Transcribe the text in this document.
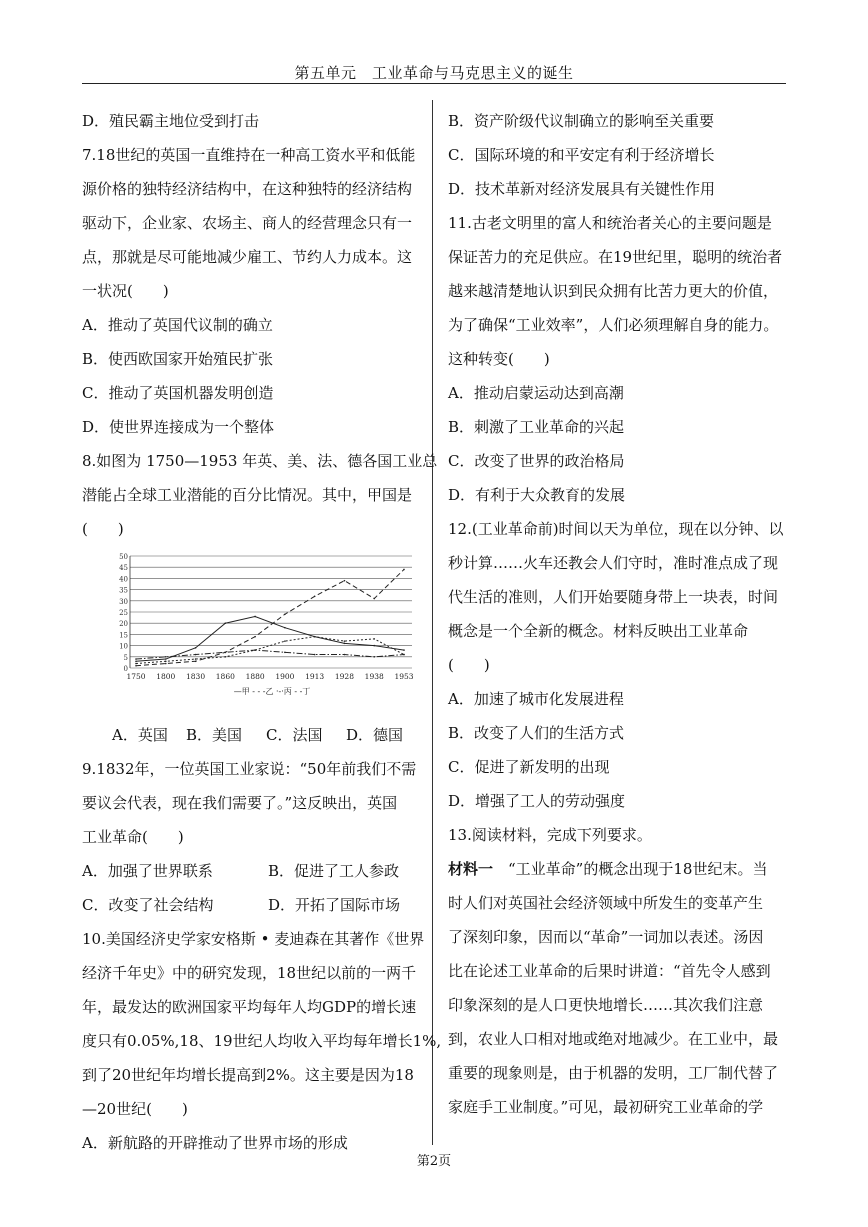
第五单元　工业革命与马克思主义的诞生
D．殖民霸主地位受到打击
7.18世纪的英国一直维持在一种高工资水平和低能
源价格的独特经济结构中，在这种独特的经济结构
驱动下，企业家、农场主、商人的经营理念只有一
点，那就是尽可能地减少雇工、节约人力成本。这
一状况(　　)
A．推动了英国代议制的确立
B．使西欧国家开始殖民扩张
C．推动了英国机器发明创造
D．使世界连接成为一个整体
8.如图为 1750—1953 年英、美、法、德各国工业总
潜能占全球工业潜能的百分比情况。其中，甲国是
(　　)
0
5
10
15
20
25
30
35
40
45
50
1750 1800 1830 1860 1880 1900 1913 1928 1938 1953
—甲 - - -乙 ·-·丙 - -丁
A．英国	B．美国	C．法国	D．德国
9.1832年，一位英国工业家说：“50年前我们不需
要议会代表，现在我们需要了。”这反映出，英国
工业革命(　　)
A．加强了世界联系	B．促进了工人参政
C．改变了社会结构	D．开拓了国际市场
10.美国经济史学家安格斯 • 麦迪森在其著作《世界
经济千年史》中的研究发现，18世纪以前的一两千
年，最发达的欧洲国家平均每年人均GDP的增长速
度只有0.05%,18、19世纪人均收入平均每年增长1%,
到了20世纪年均增长提高到2%。这主要是因为18
—20世纪(　　)
A．新航路的开辟推动了世界市场的形成
B．资产阶级代议制确立的影响至关重要
C．国际环境的和平安定有利于经济增长
D．技术革新对经济发展具有关键性作用
11.古老文明里的富人和统治者关心的主要问题是
保证苦力的充足供应。在19世纪里，聪明的统治者
越来越清楚地认识到民众拥有比苦力更大的价值，
为了确保“工业效率”，人们必须理解自身的能力。
这种转变(　　)
A．推动启蒙运动达到高潮
B．刺激了工业革命的兴起
C．改变了世界的政治格局
D．有利于大众教育的发展
12.(工业革命前)时间以天为单位，现在以分钟、以
秒计算……火车还教会人们守时，准时准点成了现
代生活的准则，人们开始要随身带上一块表，时间
概念是一个全新的概念。材料反映出工业革命
(　　)
A．加速了城市化发展进程
B．改变了人们的生活方式
C．促进了新发明的出现
D．增强了工人的劳动强度
13.阅读材料，完成下列要求。
材料一　“工业革命”的概念出现于18世纪末。当
时人们对英国社会经济领域中所发生的变革产生
了深刻印象，因而以“革命”一词加以表述。汤因
比在论述工业革命的后果时讲道：“首先令人感到
印象深刻的是人口更快地增长……其次我们注意
到，农业人口相对地或绝对地减少。在工业中，最
重要的现象则是，由于机器的发明，工厂制代替了
家庭手工业制度。”可见，最初研究工业革命的学
第2页
